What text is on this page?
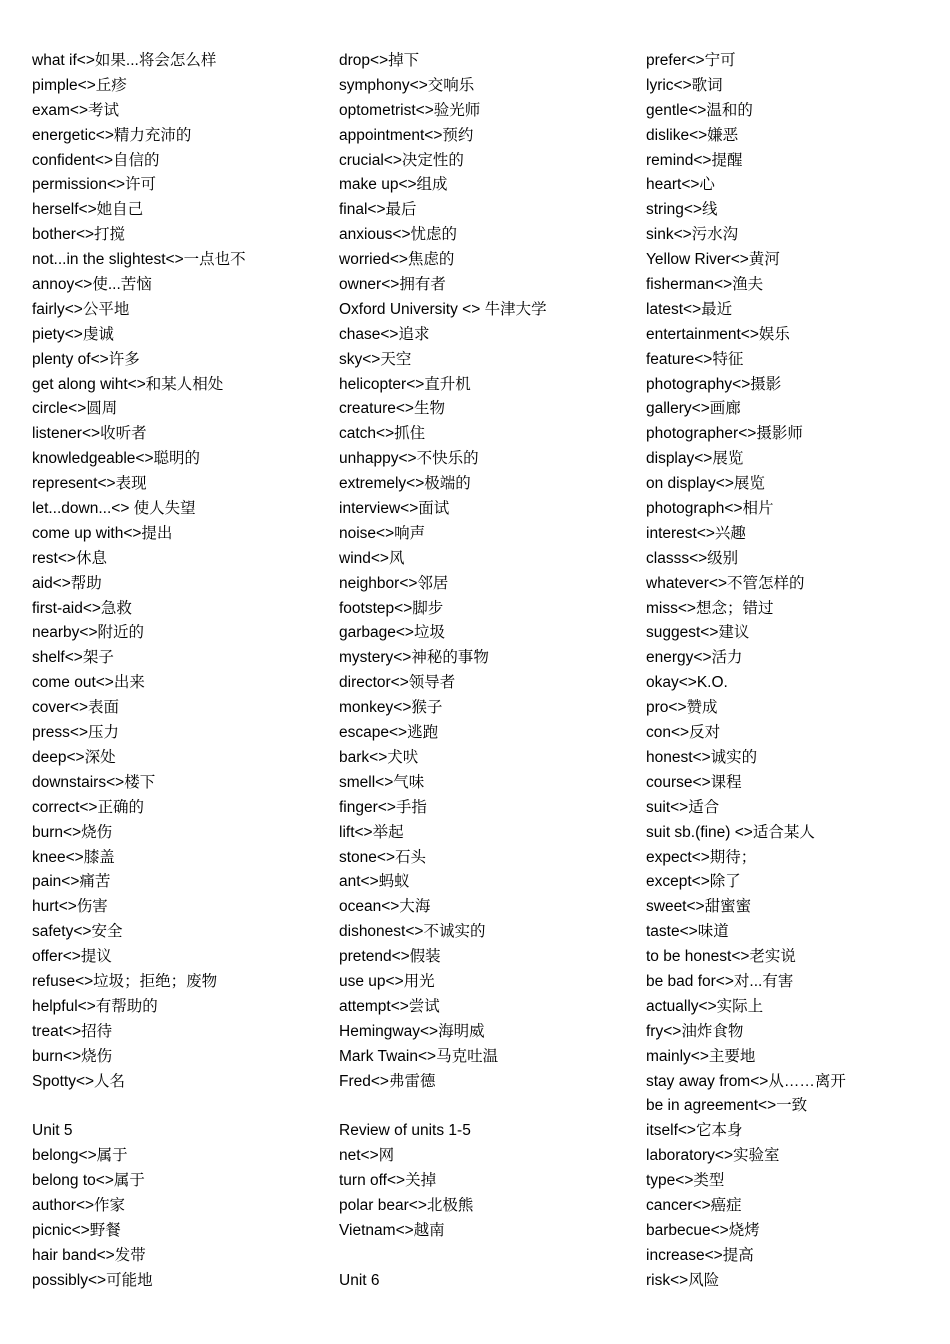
what if<>如果...将会怎么样
pimple<>丘疹
exam<>考试
energetic<>精力充沛的
confident<>自信的
permission<>许可
herself<>她自己
bother<>打搅
not...in the slightest<>一点也不
annoy<>使...苦恼
fairly<>公平地
piety<>虔诚
plenty of<>许多
get along wiht<>和某人相处
circle<>圆周
listener<>收听者
knowledgeable<>聪明的
represent<>表现
let...down...<> 使人失望
come up with<>提出
rest<>休息
aid<>帮助
first-aid<>急救
nearby<>附近的
shelf<>架子
come out<>出来
cover<>表面
press<>压力
deep<>深处
downstairs<>楼下
correct<>正确的
burn<>烧伤
knee<>膝盖
pain<>痛苦
hurt<>伤害
safety<>安全
offer<>提议
refuse<>垃圾；拒绝；废物
helpful<>有帮助的
treat<>招待
burn<>烧伤
Spotty<>人名
Unit 5
belong<>属于
belong to<>属于
author<>作家
picnic<>野餐
hair band<>发带
possibly<>可能地
drop<>掉下
symphony<>交响乐
optometrist<>验光师
appointment<>预约
crucial<>决定性的
make up<>组成
final<>最后
anxious<>忧虑的
worried<>焦虑的
owner<>拥有者
Oxford University <> 牛津大学
chase<>追求
sky<>天空
helicopter<>直升机
creature<>生物
catch<>抓住
unhappy<>不快乐的
extremely<>极端的
interview<>面试
noise<>响声
wind<>风
neighbor<>邻居
footstep<>脚步
garbage<>垃圾
mystery<>神秘的事物
director<>领导者
monkey<>猴子
escape<>逃跑
bark<>犬吠
smell<>气味
finger<>手指
lift<>举起
stone<>石头
ant<>蚂蚁
ocean<>大海
dishonest<>不诚实的
pretend<>假装
use up<>用光
attempt<>尝试
Hemingway<>海明威
Mark Twain<>马克吐温
Fred<>弗雷德
Review of units 1-5
net<>网
turn off<>关掉
polar bear<>北极熊
Vietnam<>越南
Unit 6
prefer<>宁可
lyric<>歌词
gentle<>温和的
dislike<>嫌恶
remind<>提醒
heart<>心
string<>线
sink<>污水沟
Yellow River<>黄河
fisherman<>渔夫
latest<>最近
entertainment<>娱乐
feature<>特征
photography<>摄影
gallery<>画廊
photographer<>摄影师
display<>展览
on display<>展览
photograph<>相片
interest<>兴趣
classs<>级别
whatever<>不管怎样的
miss<>想念；错过
suggest<>建议
energy<>活力
okay<>K.O.
pro<>赞成
con<>反对
honest<>诚实的
course<>课程
suit<>适合
suit sb.(fine) <>适合某人
expect<>期待；
except<>除了
sweet<>甜蜜蜜
taste<>味道
to be honest<>老实说
be bad for<>对...有害
actually<>实际上
fry<>油炸食物
mainly<>主要地
stay away from<>从……离开
be in agreement<>一致
itself<>它本身
laboratory<>实验室
type<>类型
cancer<>癌症
barbecue<>烧烤
increase<>提高
risk<>风险
